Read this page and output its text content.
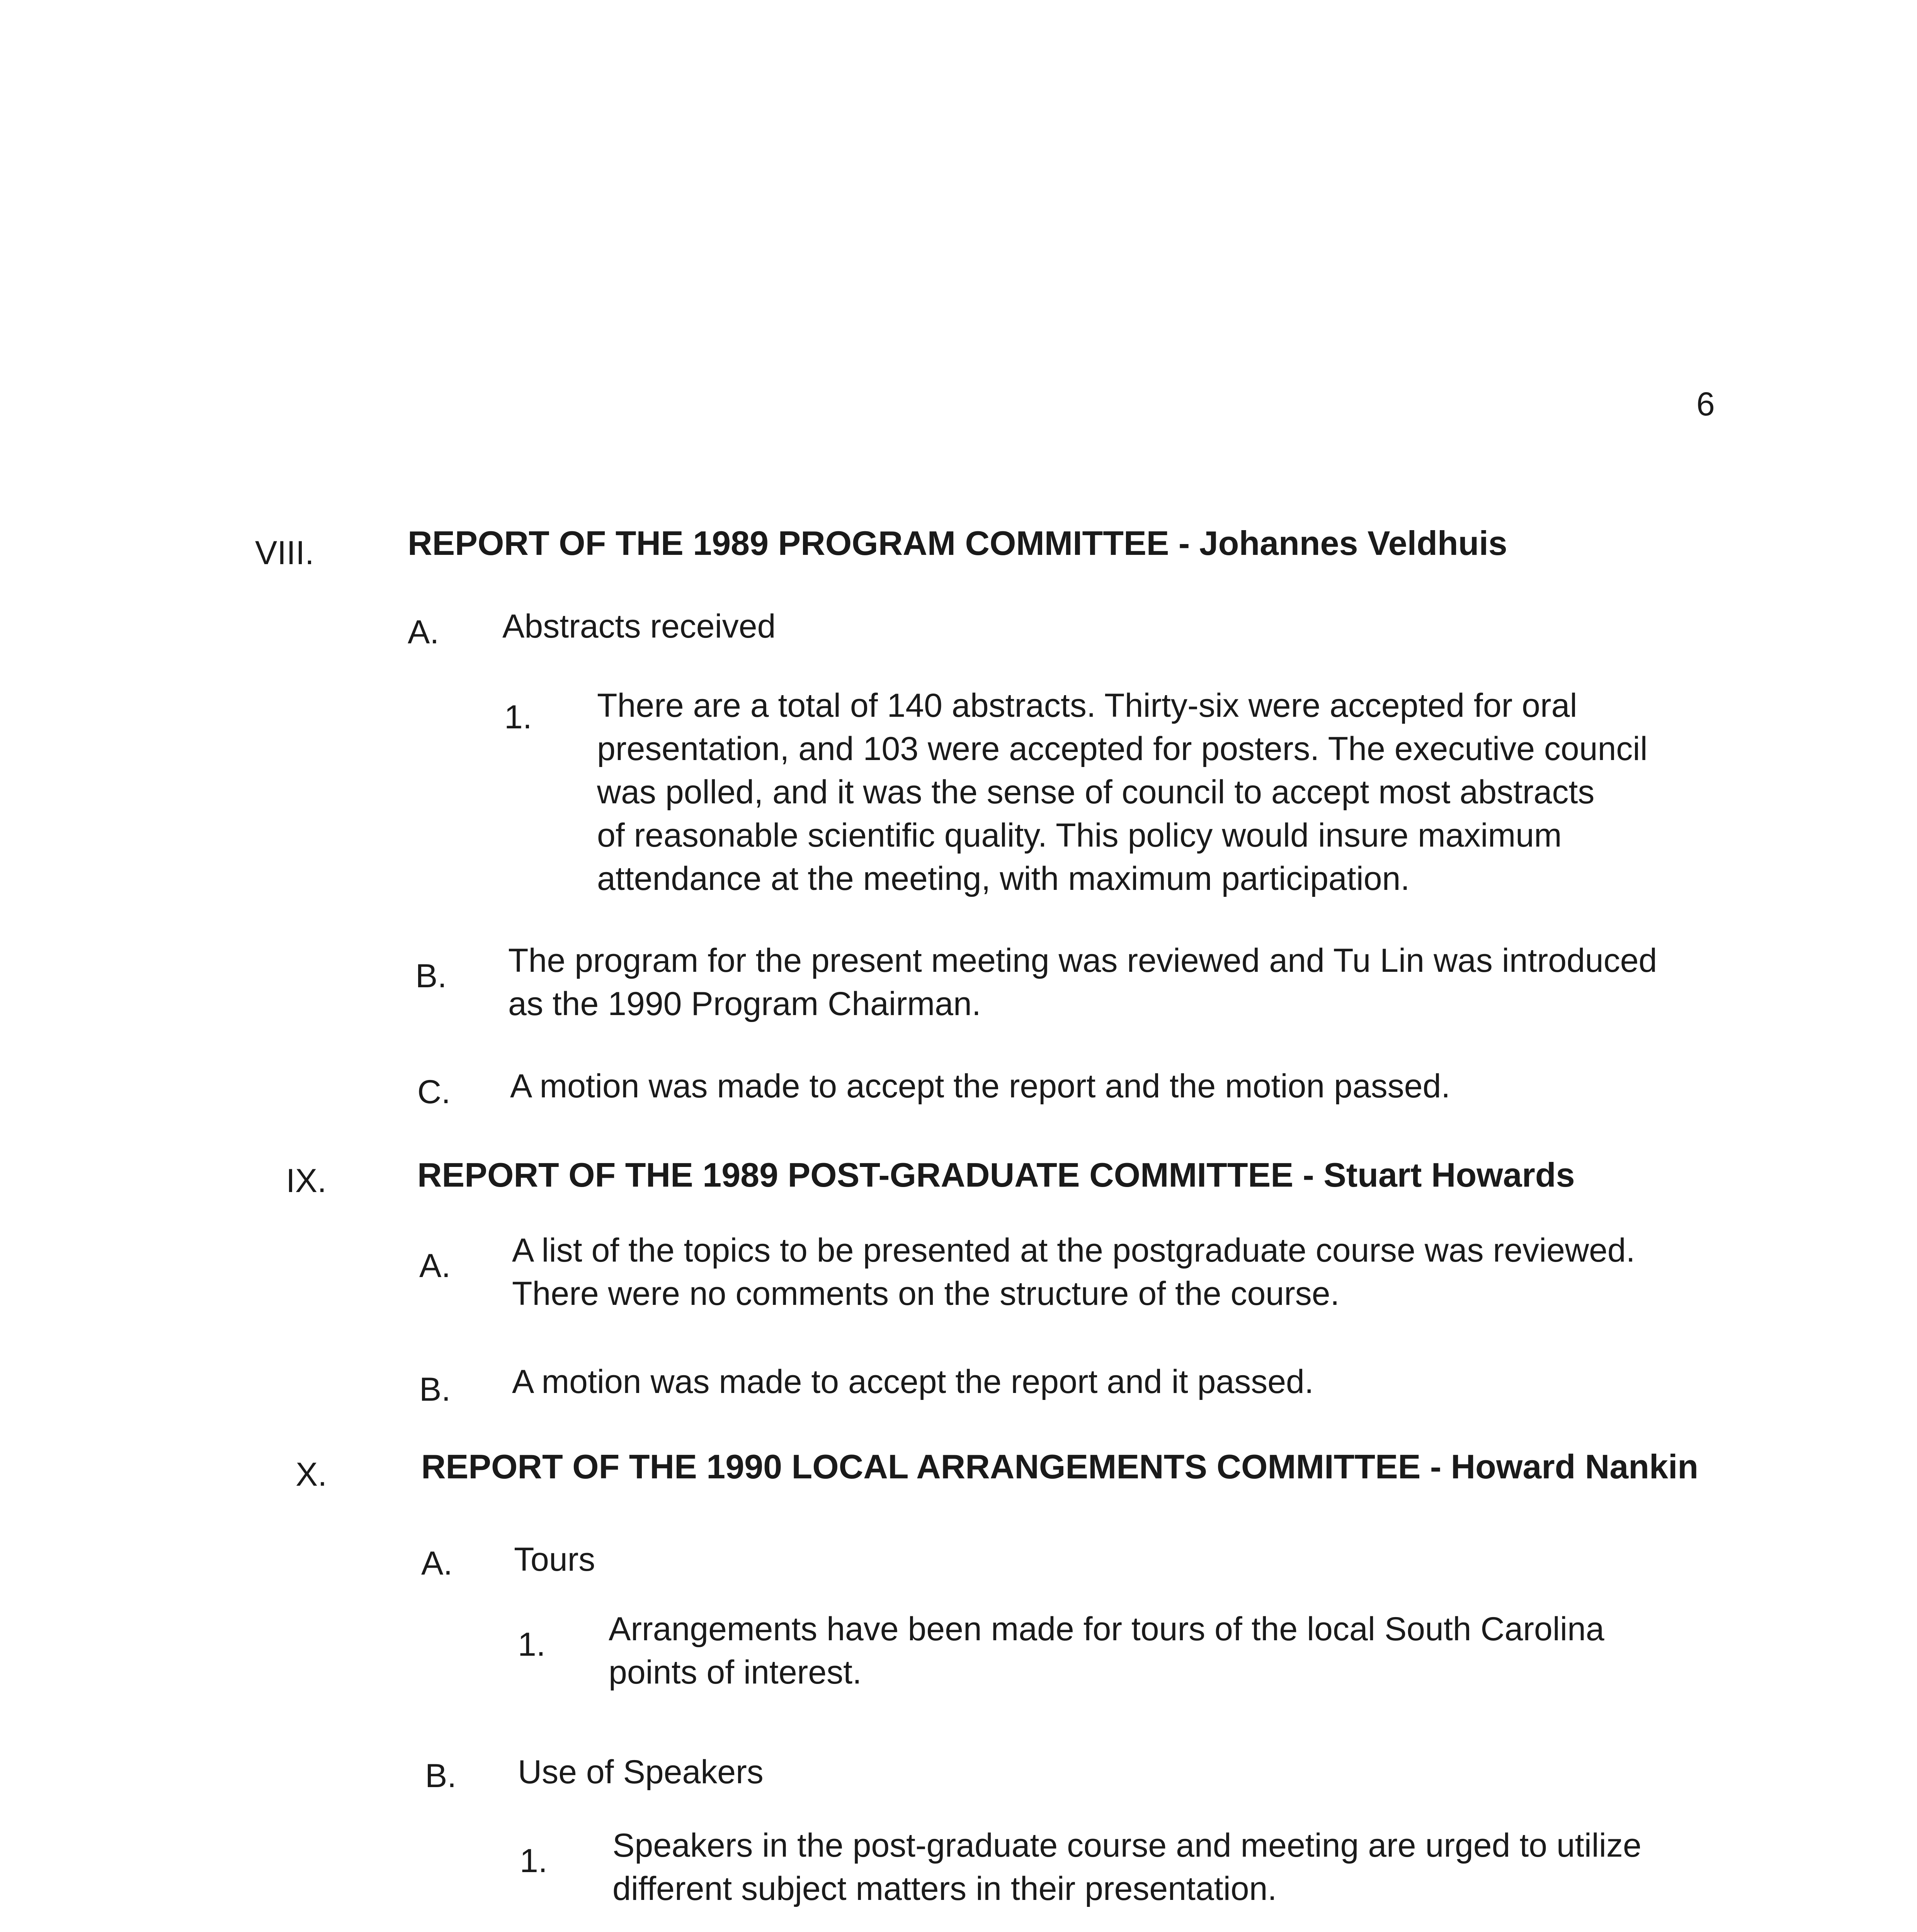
6
VIII.	REPORT OF THE 1989 PROGRAM COMMITTEE - Johannes Veldhuis
A. Abstracts received
1. There are a total of 140 abstracts. Thirty-six were accepted for oral
presentation, and 103 were accepted for posters. The executive council
was polled, and it was the sense of council to accept most abstracts
of reasonable scientific quality. This policy would insure maximum
attendance at the meeting, with maximum participation.
B. The program for the present meeting was reviewed and Tu Lin was introduced
as the 1990 Program Chairman.
C. A motion was made to accept the report and the motion passed.
IX.	REPORT OF THE 1989 POST-GRADUATE COMMITTEE - Stuart Howards
A. A list of the topics to be presented at the postgraduate course was reviewed.
There were no comments on the structure of the course.
B. A motion was made to accept the report and it passed.
X.	REPORT OF THE 1990 LOCAL ARRANGEMENTS COMMITTEE - Howard Nankin
A. Tours
1. Arrangements have been made for tours of the local South Carolina
points of interest.
B. Use of Speakers
1. Speakers in the post-graduate course and meeting are urged to utilize
different subject matters in their presentation.
